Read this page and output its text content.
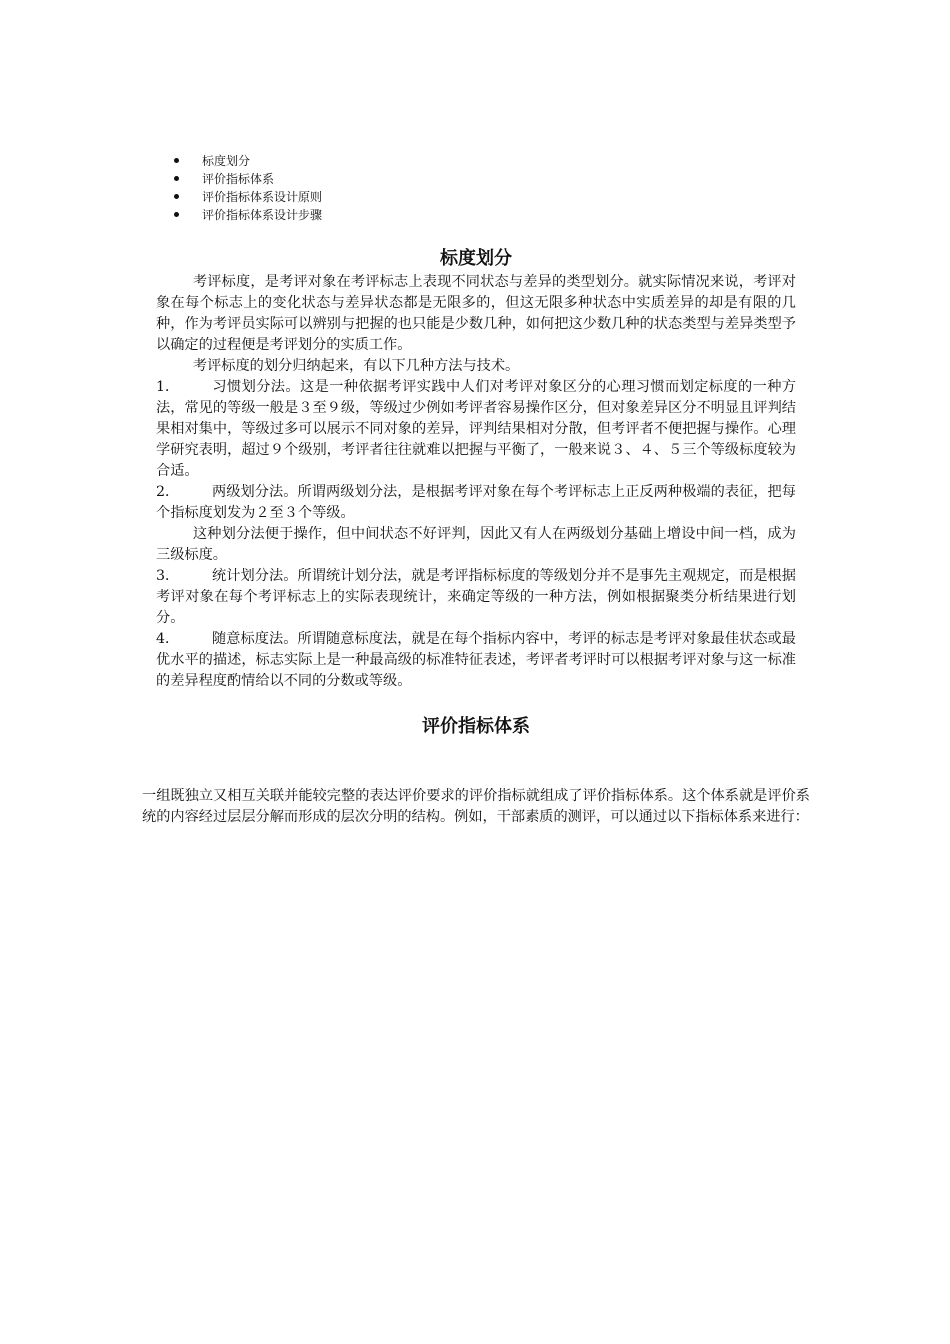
标度划分
评价指标体系
评价指标体系设计原则
评价指标体系设计步骤
标度划分

考评标度，是考评对象在考评标志上表现不同状态与差异的类型划分。就实际情况来说，考评对象在每个标志上的变化状态与差异状态都是无限多的，但这无限多种状态中实质差异的却是有限的几种，作为考评员实际可以辨别与把握的也只能是少数几种，如何把这少数几种的状态类型与差异类型予以确定的过程便是考评划分的实质工作。

考评标度的划分归纳起来，有以下几种方法与技术。

1． 习惯划分法。这是一种依据考评实践中人们对考评对象区分的心理习惯而划定标度的一种方法，常见的等级一般是３至９级，等级过少例如考评者容易操作区分，但对象差异区分不明显且评判结果相对集中，等级过多可以展示不同对象的差异，评判结果相对分散，但考评者不便把握与操作。心理学研究表明，超过９个级别，考评者往往就难以把握与平衡了，一般来说３、４、５三个等级标度较为合适。

2． 两级划分法。所谓两级划分法，是根据考评对象在每个考评标志上正反两种极端的表征，把每个指标度划发为２至３个等级。

这种划分法便于操作，但中间状态不好评判，因此又有人在两级划分基础上增设中间一档，成为三级标度。

3． 统计划分法。所谓统计划分法，就是考评指标标度的等级划分并不是事先主观规定，而是根据考评对象在每个考评标志上的实际表现统计，来确定等级的一种方法，例如根据聚类分析结果进行划分。

4． 随意标度法。所谓随意标度法，就是在每个指标内容中，考评的标志是考评对象最佳状态或最优水平的描述，标志实际上是一种最高级的标准特征表述，考评者考评时可以根据考评对象与这一标准的差异程度酌情给以不同的分数或等级。

评价指标体系

一组既独立又相互关联并能较完整的表达评价要求的评价指标就组成了评价指标体系。这个体系就是评价系统的内容经过层层分解而形成的层次分明的结构。例如，干部素质的测评，可以通过以下指标体系来进行：
